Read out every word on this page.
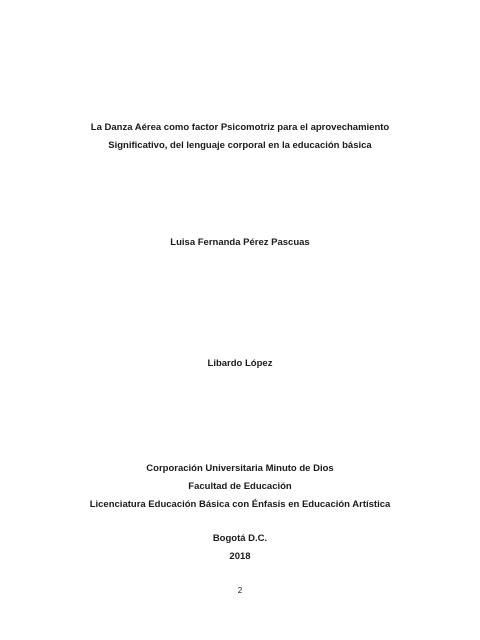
La Danza Aérea como factor Psicomotriz para el aprovechamiento
Significativo, del lenguaje corporal en la educación básica
Luisa Fernanda Pérez Pascuas
Libardo López
Corporación Universitaria Minuto de Dios
Facultad de Educación
Licenciatura Educación Básica con Énfasis en Educación Artística
Bogotá D.C.
2018
2
